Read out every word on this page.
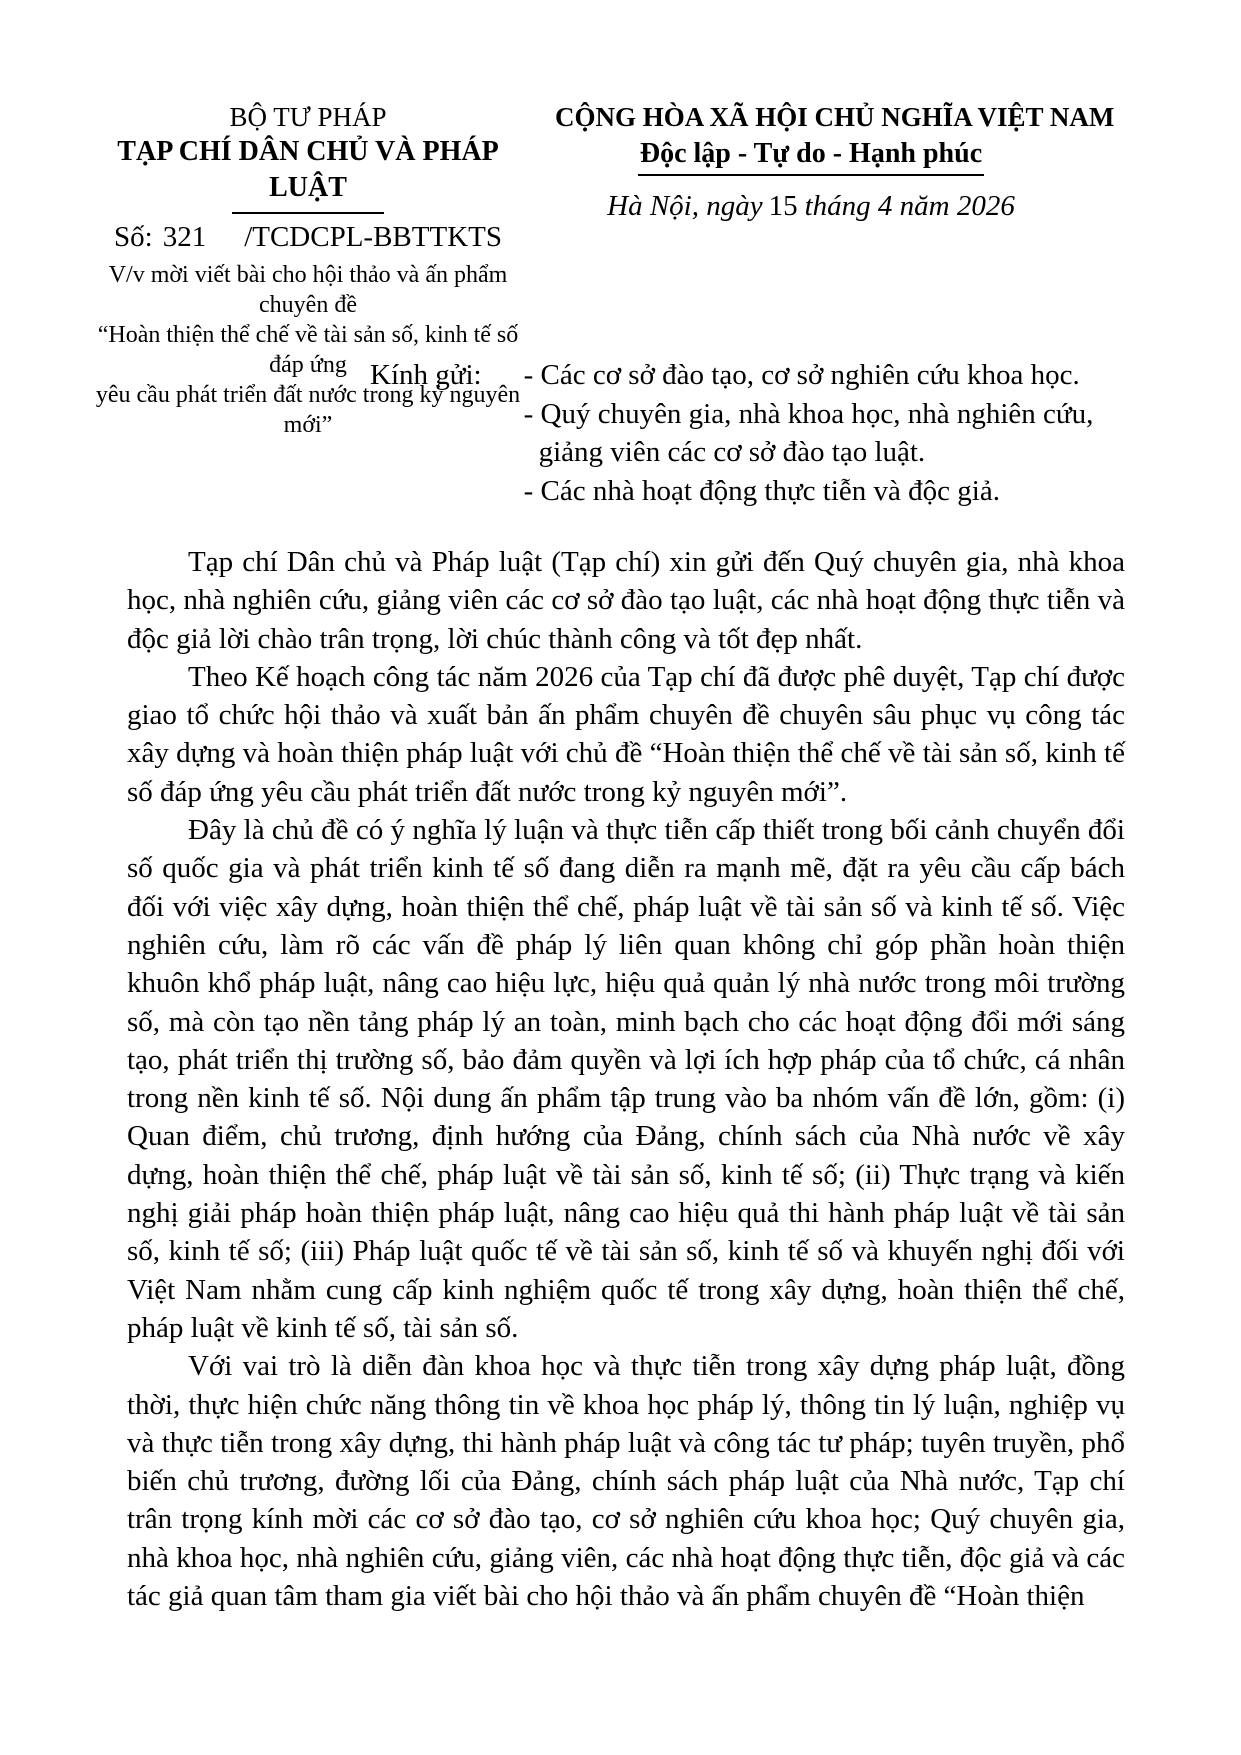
BỘ TƯ PHÁP
TẠP CHÍ DÂN CHỦ VÀ PHÁP LUẬT
Số: 321 /TCDCPL-BBTTKTS
V/v mời viết bài cho hội thảo và ấn phẩm chuyên đề
“Hoàn thiện thể chế về tài sản số, kinh tế số đáp ứng
yêu cầu phát triển đất nước trong kỷ nguyên mới”
CỘNG HÒA XÃ HỘI CHỦ NGHĨA VIỆT NAM
Độc lập - Tự do - Hạnh phúc
Hà Nội, ngày 15 tháng 4 năm 2026
Kính gửi: - Các cơ sở đào tạo, cơ sở nghiên cứu khoa học.
- Quý chuyên gia, nhà khoa học, nhà nghiên cứu,
giảng viên các cơ sở đào tạo luật.
- Các nhà hoạt động thực tiễn và độc giả.

Tạp chí Dân chủ và Pháp luật (Tạp chí) xin gửi đến Quý chuyên gia, nhà khoa học, nhà nghiên cứu, giảng viên các cơ sở đào tạo luật, các nhà hoạt động thực tiễn và độc giả lời chào trân trọng, lời chúc thành công và tốt đẹp nhất.

Theo Kế hoạch công tác năm 2026 của Tạp chí đã được phê duyệt, Tạp chí được giao tổ chức hội thảo và xuất bản ấn phẩm chuyên đề chuyên sâu phục vụ công tác xây dựng và hoàn thiện pháp luật với chủ đề “Hoàn thiện thể chế về tài sản số, kinh tế số đáp ứng yêu cầu phát triển đất nước trong kỷ nguyên mới”.

Đây là chủ đề có ý nghĩa lý luận và thực tiễn cấp thiết trong bối cảnh chuyển đổi số quốc gia và phát triển kinh tế số đang diễn ra mạnh mẽ, đặt ra yêu cầu cấp bách đối với việc xây dựng, hoàn thiện thể chế, pháp luật về tài sản số và kinh tế số. Việc nghiên cứu, làm rõ các vấn đề pháp lý liên quan không chỉ góp phần hoàn thiện khuôn khổ pháp luật, nâng cao hiệu lực, hiệu quả quản lý nhà nước trong môi trường số, mà còn tạo nền tảng pháp lý an toàn, minh bạch cho các hoạt động đổi mới sáng tạo, phát triển thị trường số, bảo đảm quyền và lợi ích hợp pháp của tổ chức, cá nhân trong nền kinh tế số. Nội dung ấn phẩm tập trung vào ba nhóm vấn đề lớn, gồm: (i) Quan điểm, chủ trương, định hướng của Đảng, chính sách của Nhà nước về xây dựng, hoàn thiện thể chế, pháp luật về tài sản số, kinh tế số; (ii) Thực trạng và kiến nghị giải pháp hoàn thiện pháp luật, nâng cao hiệu quả thi hành pháp luật về tài sản số, kinh tế số; (iii) Pháp luật quốc tế về tài sản số, kinh tế số và khuyến nghị đối với Việt Nam nhằm cung cấp kinh nghiệm quốc tế trong xây dựng, hoàn thiện thể chế, pháp luật về kinh tế số, tài sản số.

Với vai trò là diễn đàn khoa học và thực tiễn trong xây dựng pháp luật, đồng thời, thực hiện chức năng thông tin về khoa học pháp lý, thông tin lý luận, nghiệp vụ và thực tiễn trong xây dựng, thi hành pháp luật và công tác tư pháp; tuyên truyền, phổ biến chủ trương, đường lối của Đảng, chính sách pháp luật của Nhà nước, Tạp chí trân trọng kính mời các cơ sở đào tạo, cơ sở nghiên cứu khoa học; Quý chuyên gia, nhà khoa học, nhà nghiên cứu, giảng viên, các nhà hoạt động thực tiễn, độc giả và các tác giả quan tâm tham gia viết bài cho hội thảo và ấn phẩm chuyên đề “Hoàn thiện
